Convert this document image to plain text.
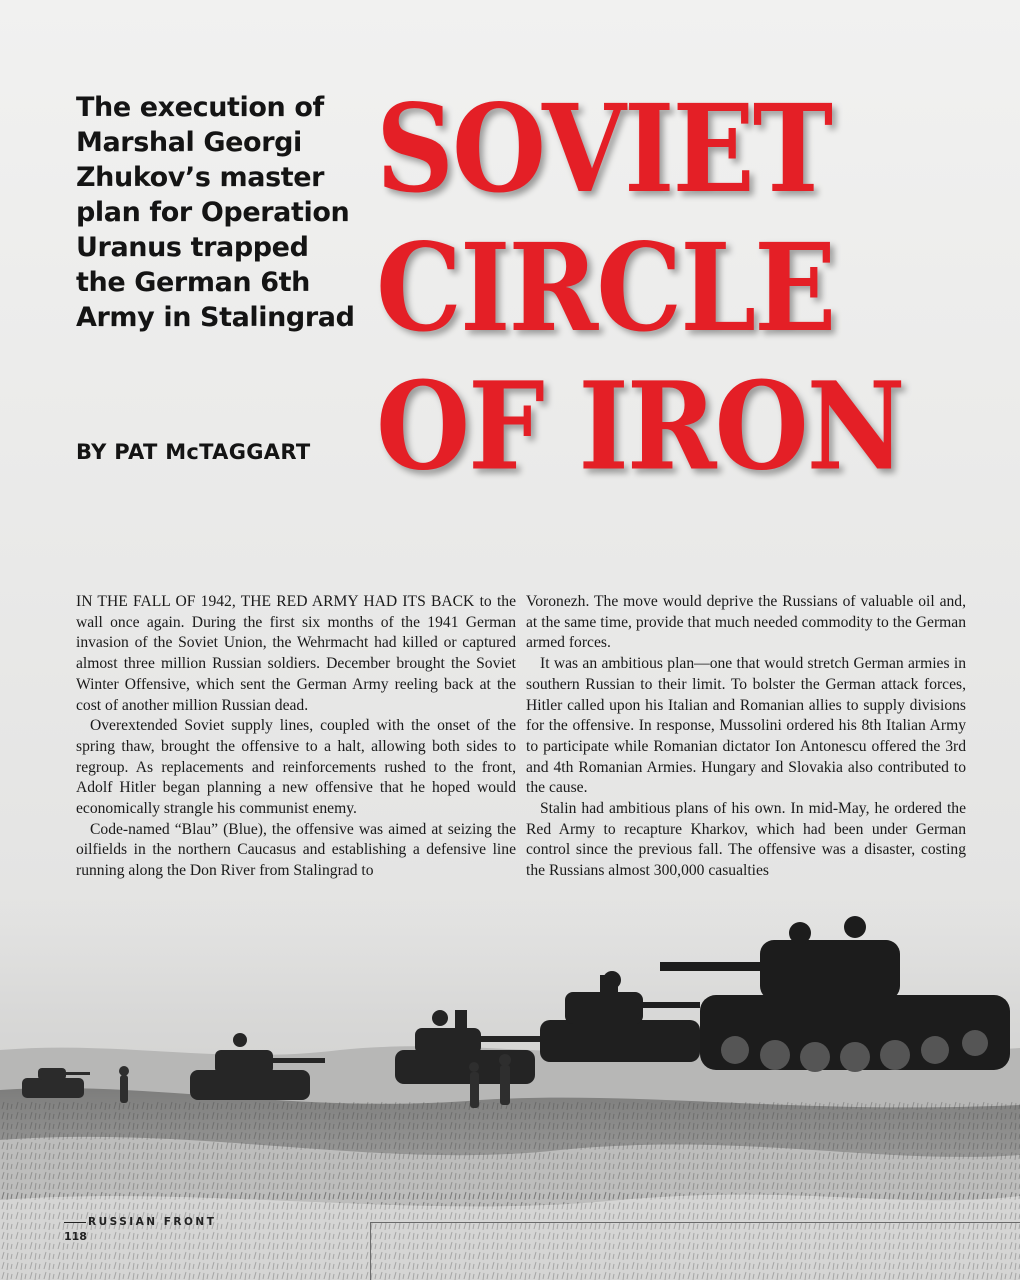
The execution of
Marshal Georgi
Zhukov’s master
plan for Operation
Uranus trapped
the German 6th
Army in Stalingrad
BY PAT McTAGGART
SOVIET
CIRCLE
OF IRON

IN THE FALL OF 1942, THE RED ARMY HAD ITS BACK to the wall once again. During the first six months of the 1941 German invasion of the Soviet Union, the Wehrmacht had killed or captured almost three million Russian soldiers. December brought the Soviet Winter Offensive, which sent the German Army reeling back at the cost of another million Russian dead.

Overextended Soviet supply lines, coupled with the onset of the spring thaw, brought the offensive to a halt, allowing both sides to regroup. As replacements and reinforcements rushed to the front, Adolf Hitler began planning a new offensive that he hoped would economically strangle his communist enemy.

Code-named “Blau” (Blue), the offensive was aimed at seizing the oilfields in the northern Caucasus and establishing a defensive line running along the Don River from Stalingrad to

Voronezh. The move would deprive the Russians of valuable oil and, at the same time, provide that much needed commodity to the German armed forces.

It was an ambitious plan—one that would stretch German armies in southern Russian to their limit. To bolster the German attack forces, Hitler called upon his Italian and Romanian allies to supply divisions for the offensive. In response, Mussolini ordered his 8th Italian Army to participate while Romanian dictator Ion Antonescu offered the 3rd and 4th Romanian Armies. Hungary and Slovakia also contributed to the cause.

Stalin had ambitious plans of his own. In mid-May, he ordered the Red Army to recapture Kharkov, which had been under German control since the previous fall. The offensive was a disaster, costing the Russians almost 300,000 casualties

RUSSIAN FRONT
118
